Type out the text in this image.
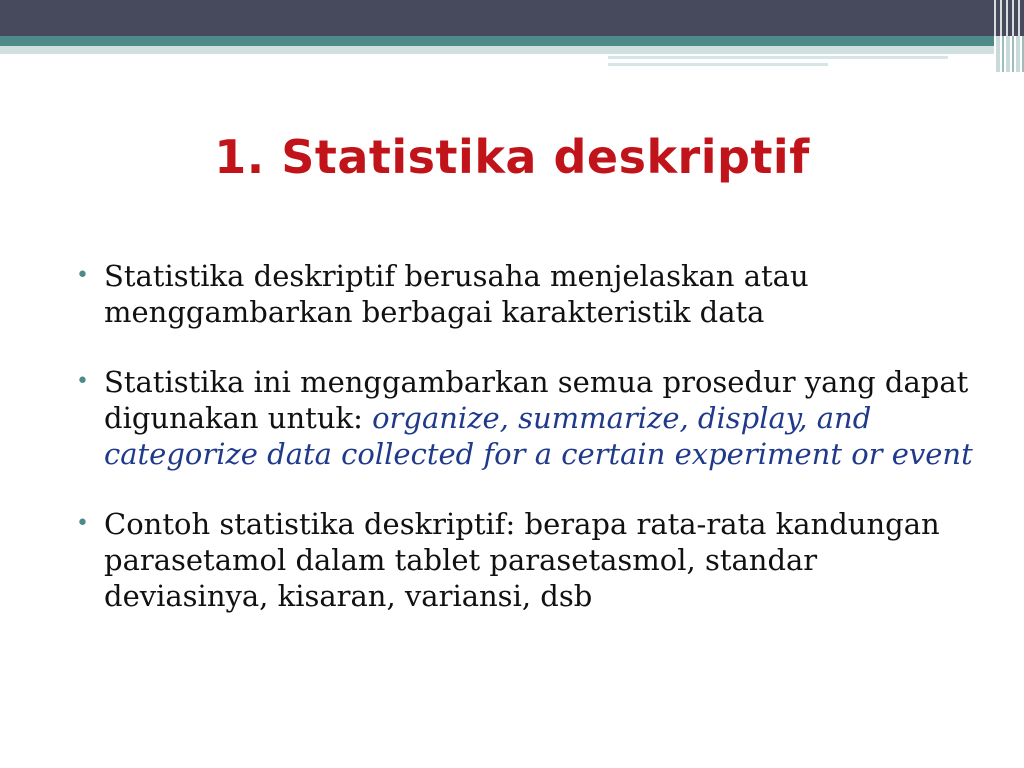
1. Statistika deskriptif
• Statistika deskriptif berusaha menjelaskan atau menggambarkan berbagai karakteristik data
• Statistika ini menggambarkan semua prosedur yang dapat digunakan untuk: organize, summarize, display, and categorize data collected for a certain experiment or event
• Contoh statistika deskriptif: berapa rata-rata kandungan parasetamol dalam tablet parasetasmol, standar deviasinya, kisaran, variansi, dsb
